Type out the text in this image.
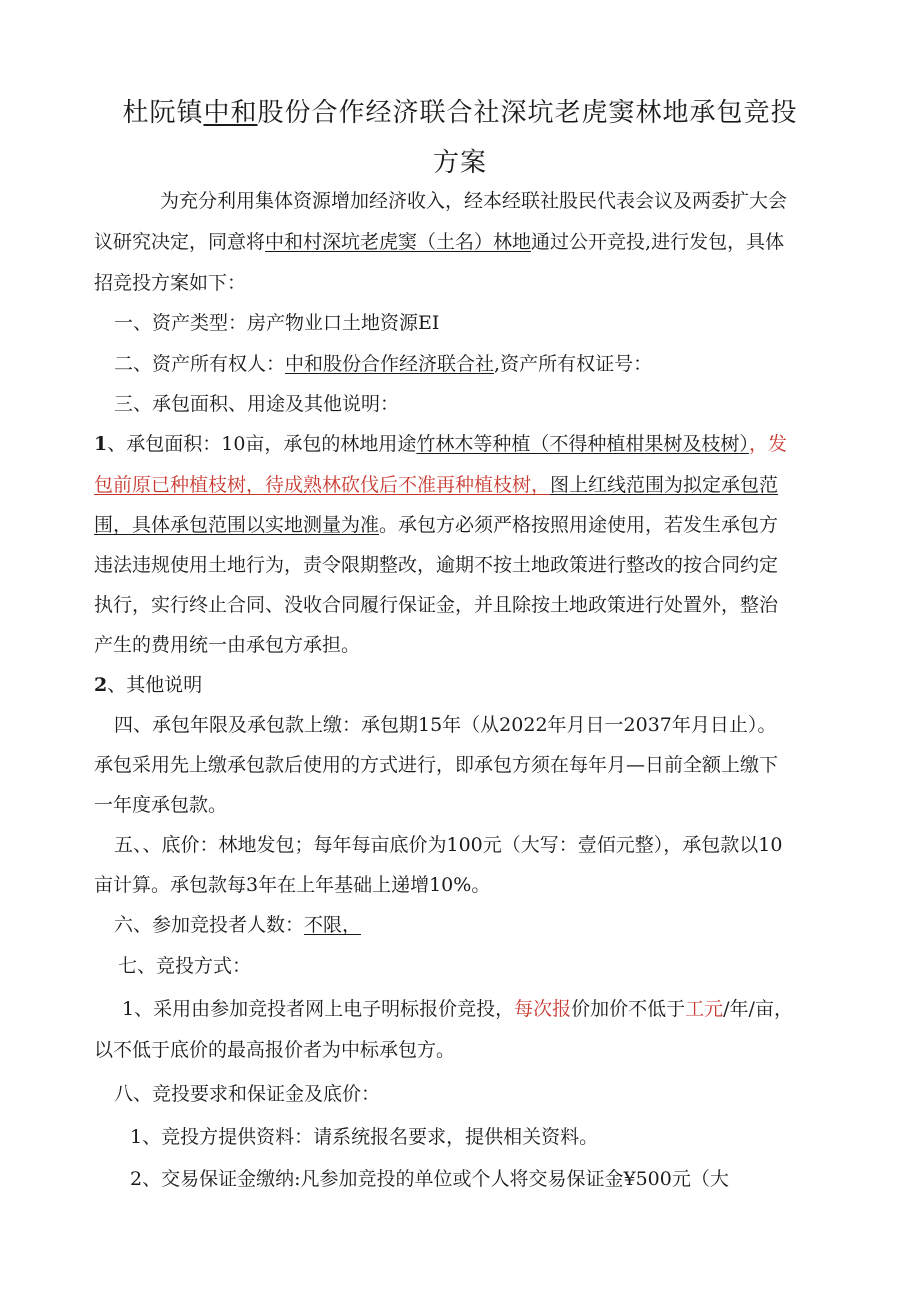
杜阮镇中和股份合作经济联合社深坑老虎窦林地承包竞投
方案
为充分利用集体资源增加经济收入，经本经联社股民代表会议及两委扩大会
议研究决定，同意将中和村深坑老虎窦（土名）林地通过公开竞投,进行发包，具体
招竞投方案如下：
一、资产类型：房产物业口土地资源EI
二、资产所有权人：中和股份合作经济联合社,资产所有权证号：
三、承包面积、用途及其他说明：
1、承包面积：10亩，承包的林地用途竹林木等种植（不得种植柑果树及枝树），发
包前原已种植枝树，待成熟林砍伐后不准再种植枝树，图上红线范围为拟定承包范
围，具体承包范围以实地测量为准。承包方必须严格按照用途使用，若发生承包方
违法违规使用土地行为，责令限期整改，逾期不按土地政策进行整改的按合同约定
执行，实行终止合同、没收合同履行保证金，并且除按土地政策进行处置外，整治
产生的费用统一由承包方承担。
2、其他说明
四、承包年限及承包款上缴：承包期15年（从2022年月日一2037年月日止）。
承包采用先上缴承包款后使用的方式进行，即承包方须在每年月—日前全额上缴下
一年度承包款。
五、、底价：林地发包；每年每亩底价为100元（大写：壹佰元整），承包款以10
亩计算。承包款每3年在上年基础上递增10%。
六、参加竞投者人数：不限，
七、竞投方式：
1、采用由参加竞投者网上电子明标报价竞投，每次报价加价不低于工元/年/亩，
以不低于底价的最高报价者为中标承包方。
八、竞投要求和保证金及底价：
1、竞投方提供资料：请系统报名要求，提供相关资料。
2、交易保证金缴纳:凡参加竞投的单位或个人将交易保证金¥500元（大
